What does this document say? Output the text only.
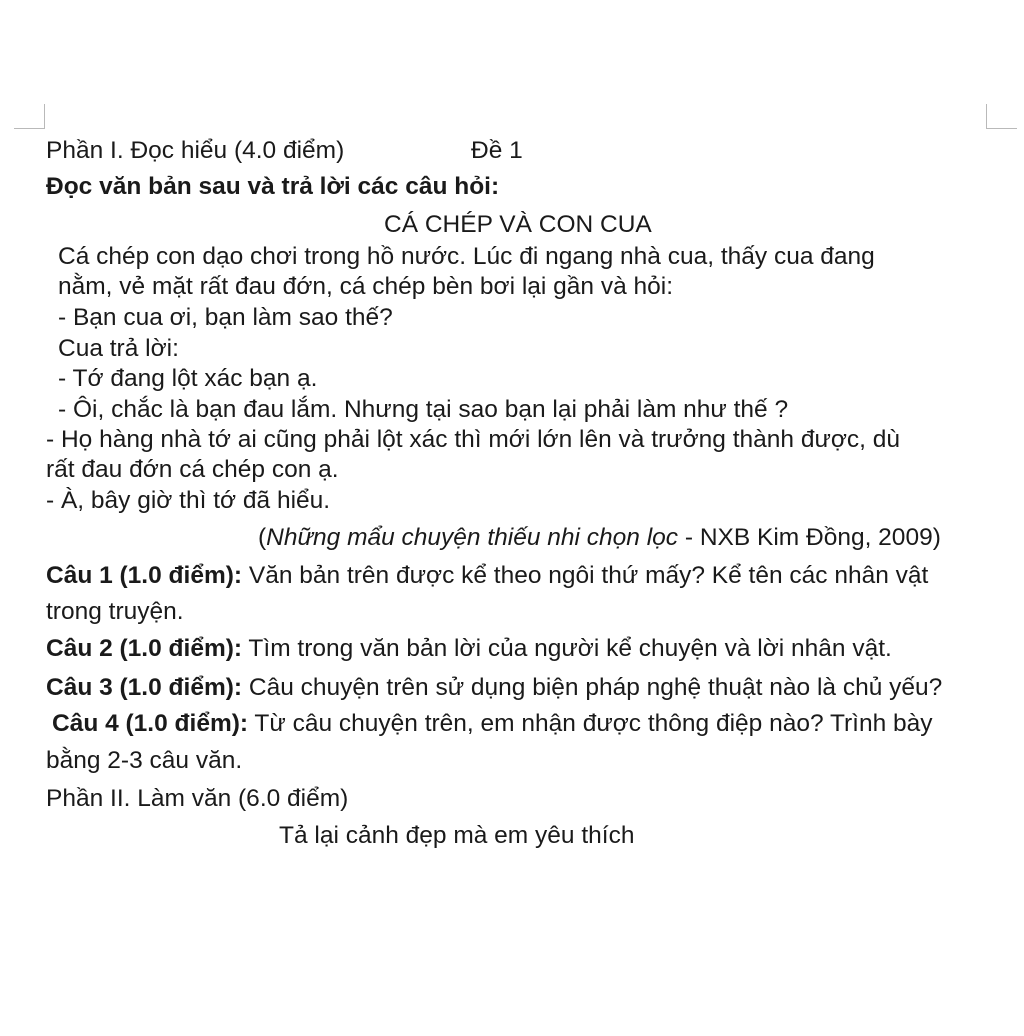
Phần I. Đọc hiểu (4.0 điểm)	Đề 1
Đọc văn bản sau và trả lời các câu hỏi:
CÁ CHÉP VÀ CON CUA
Cá chép con dạo chơi trong hồ nước. Lúc đi ngang nhà cua, thấy cua đang
nằm, vẻ mặt rất đau đớn, cá chép bèn bơi lại gần và hỏi:
- Bạn cua ơi, bạn làm sao thế?
Cua trả lời:
- Tớ đang lột xác bạn ạ.
- Ôi, chắc là bạn đau lắm. Nhưng tại sao bạn lại phải làm như thế ?
- Họ hàng nhà tớ ai cũng phải lột xác thì mới lớn lên và trưởng thành được, dù
rất đau đớn cá chép con ạ.
- À, bây giờ thì tớ đã hiểu.
(Những mẩu chuyện thiếu nhi chọn lọc - NXB Kim Đồng, 2009)
Câu 1 (1.0 điểm): Văn bản trên được kể theo ngôi thứ mấy? Kể tên các nhân vật
trong truyện.
Câu 2 (1.0 điểm): Tìm trong văn bản lời của người kể chuyện và lời nhân vật.
Câu 3 (1.0 điểm): Câu chuyện trên sử dụng biện pháp nghệ thuật nào là chủ yếu?
Câu 4 (1.0 điểm): Từ câu chuyện trên, em nhận được thông điệp nào? Trình bày
bằng 2-3 câu văn.
Phần II. Làm văn (6.0 điểm)
Tả lại cảnh đẹp mà em yêu thích
